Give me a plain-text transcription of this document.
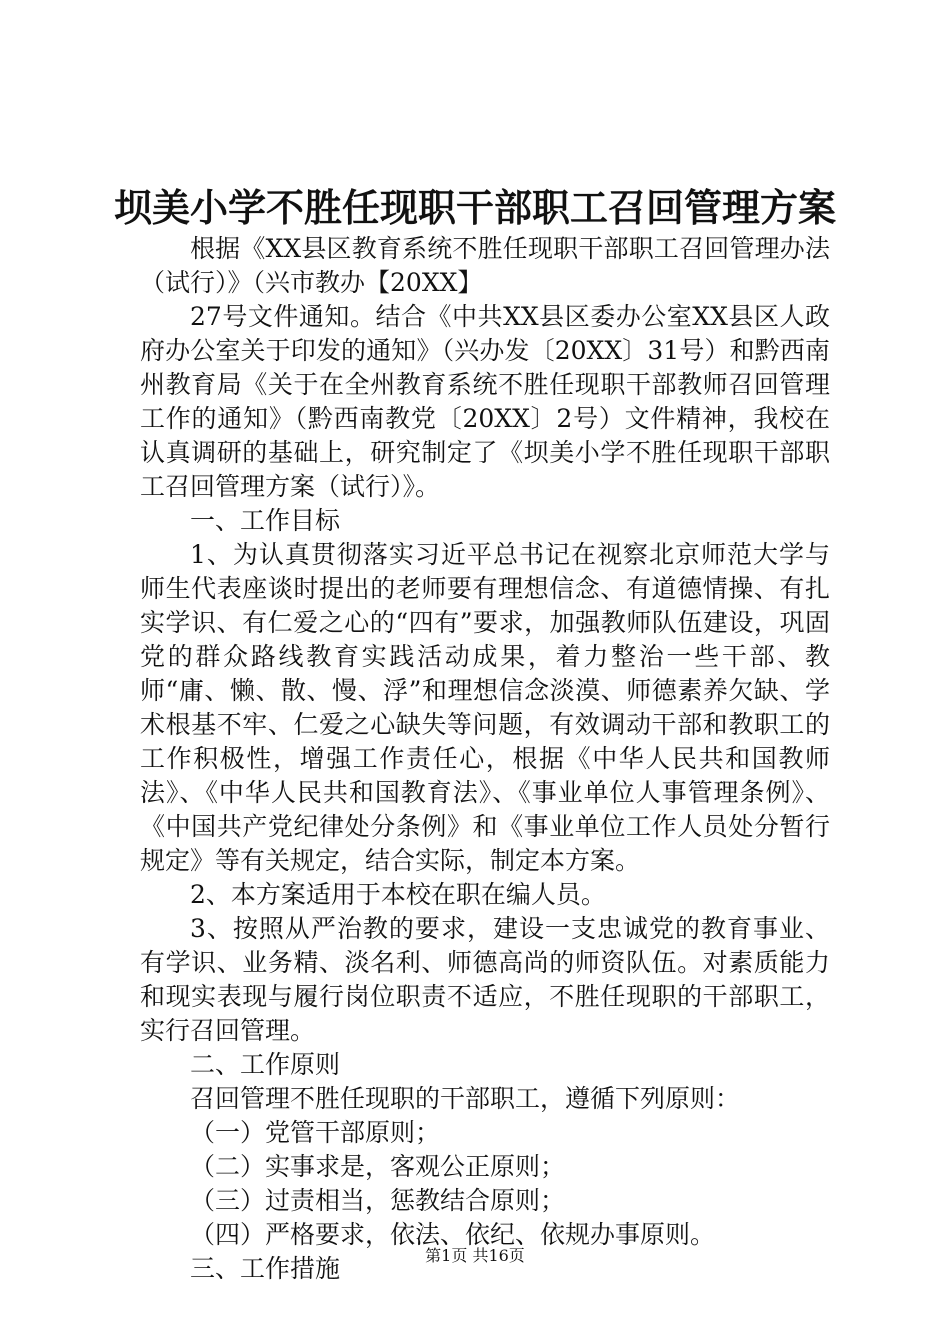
坝美小学不胜任现职干部职工召回管理方案

根据《XX县区教育系统不胜任现职干部职工召回管理办法（试行）》（兴市教办【20XX】

27号文件通知。结合《中共XX县区委办公室XX县区人政府办公室关于印发的通知》（兴办发〔20XX〕31号）和黔西南州教育局《关于在全州教育系统不胜任现职干部教师召回管理工作的通知》（黔西南教党〔20XX〕2号）文件精神，我校在认真调研的基础上，研究制定了《坝美小学不胜任现职干部职工召回管理方案（试行）》。

一、工作目标

1、为认真贯彻落实习近平总书记在视察北京师范大学与师生代表座谈时提出的老师要有理想信念、有道德情操、有扎实学识、有仁爱之心的“四有”要求，加强教师队伍建设，巩固党的群众路线教育实践活动成果，着力整治一些干部、教师“庸、懒、散、慢、浮”和理想信念淡漠、师德素养欠缺、学术根基不牢、仁爱之心缺失等问题，有效调动干部和教职工的工作积极性，增强工作责任心，根据《中华人民共和国教师法》、《中华人民共和国教育法》、《事业单位人事管理条例》、《中国共产党纪律处分条例》和《事业单位工作人员处分暂行规定》等有关规定，结合实际，制定本方案。

2、本方案适用于本校在职在编人员。

3、按照从严治教的要求，建设一支忠诚党的教育事业、有学识、业务精、淡名利、师德高尚的师资队伍。对素质能力和现实表现与履行岗位职责不适应，不胜任现职的干部职工，实行召回管理。

二、工作原则

召回管理不胜任现职的干部职工，遵循下列原则：

（一）党管干部原则；

（二）实事求是，客观公正原则；

（三）过责相当，惩教结合原则；

（四）严格要求，依法、依纪、依规办事原则。

三、工作措施	第1页 共16页
